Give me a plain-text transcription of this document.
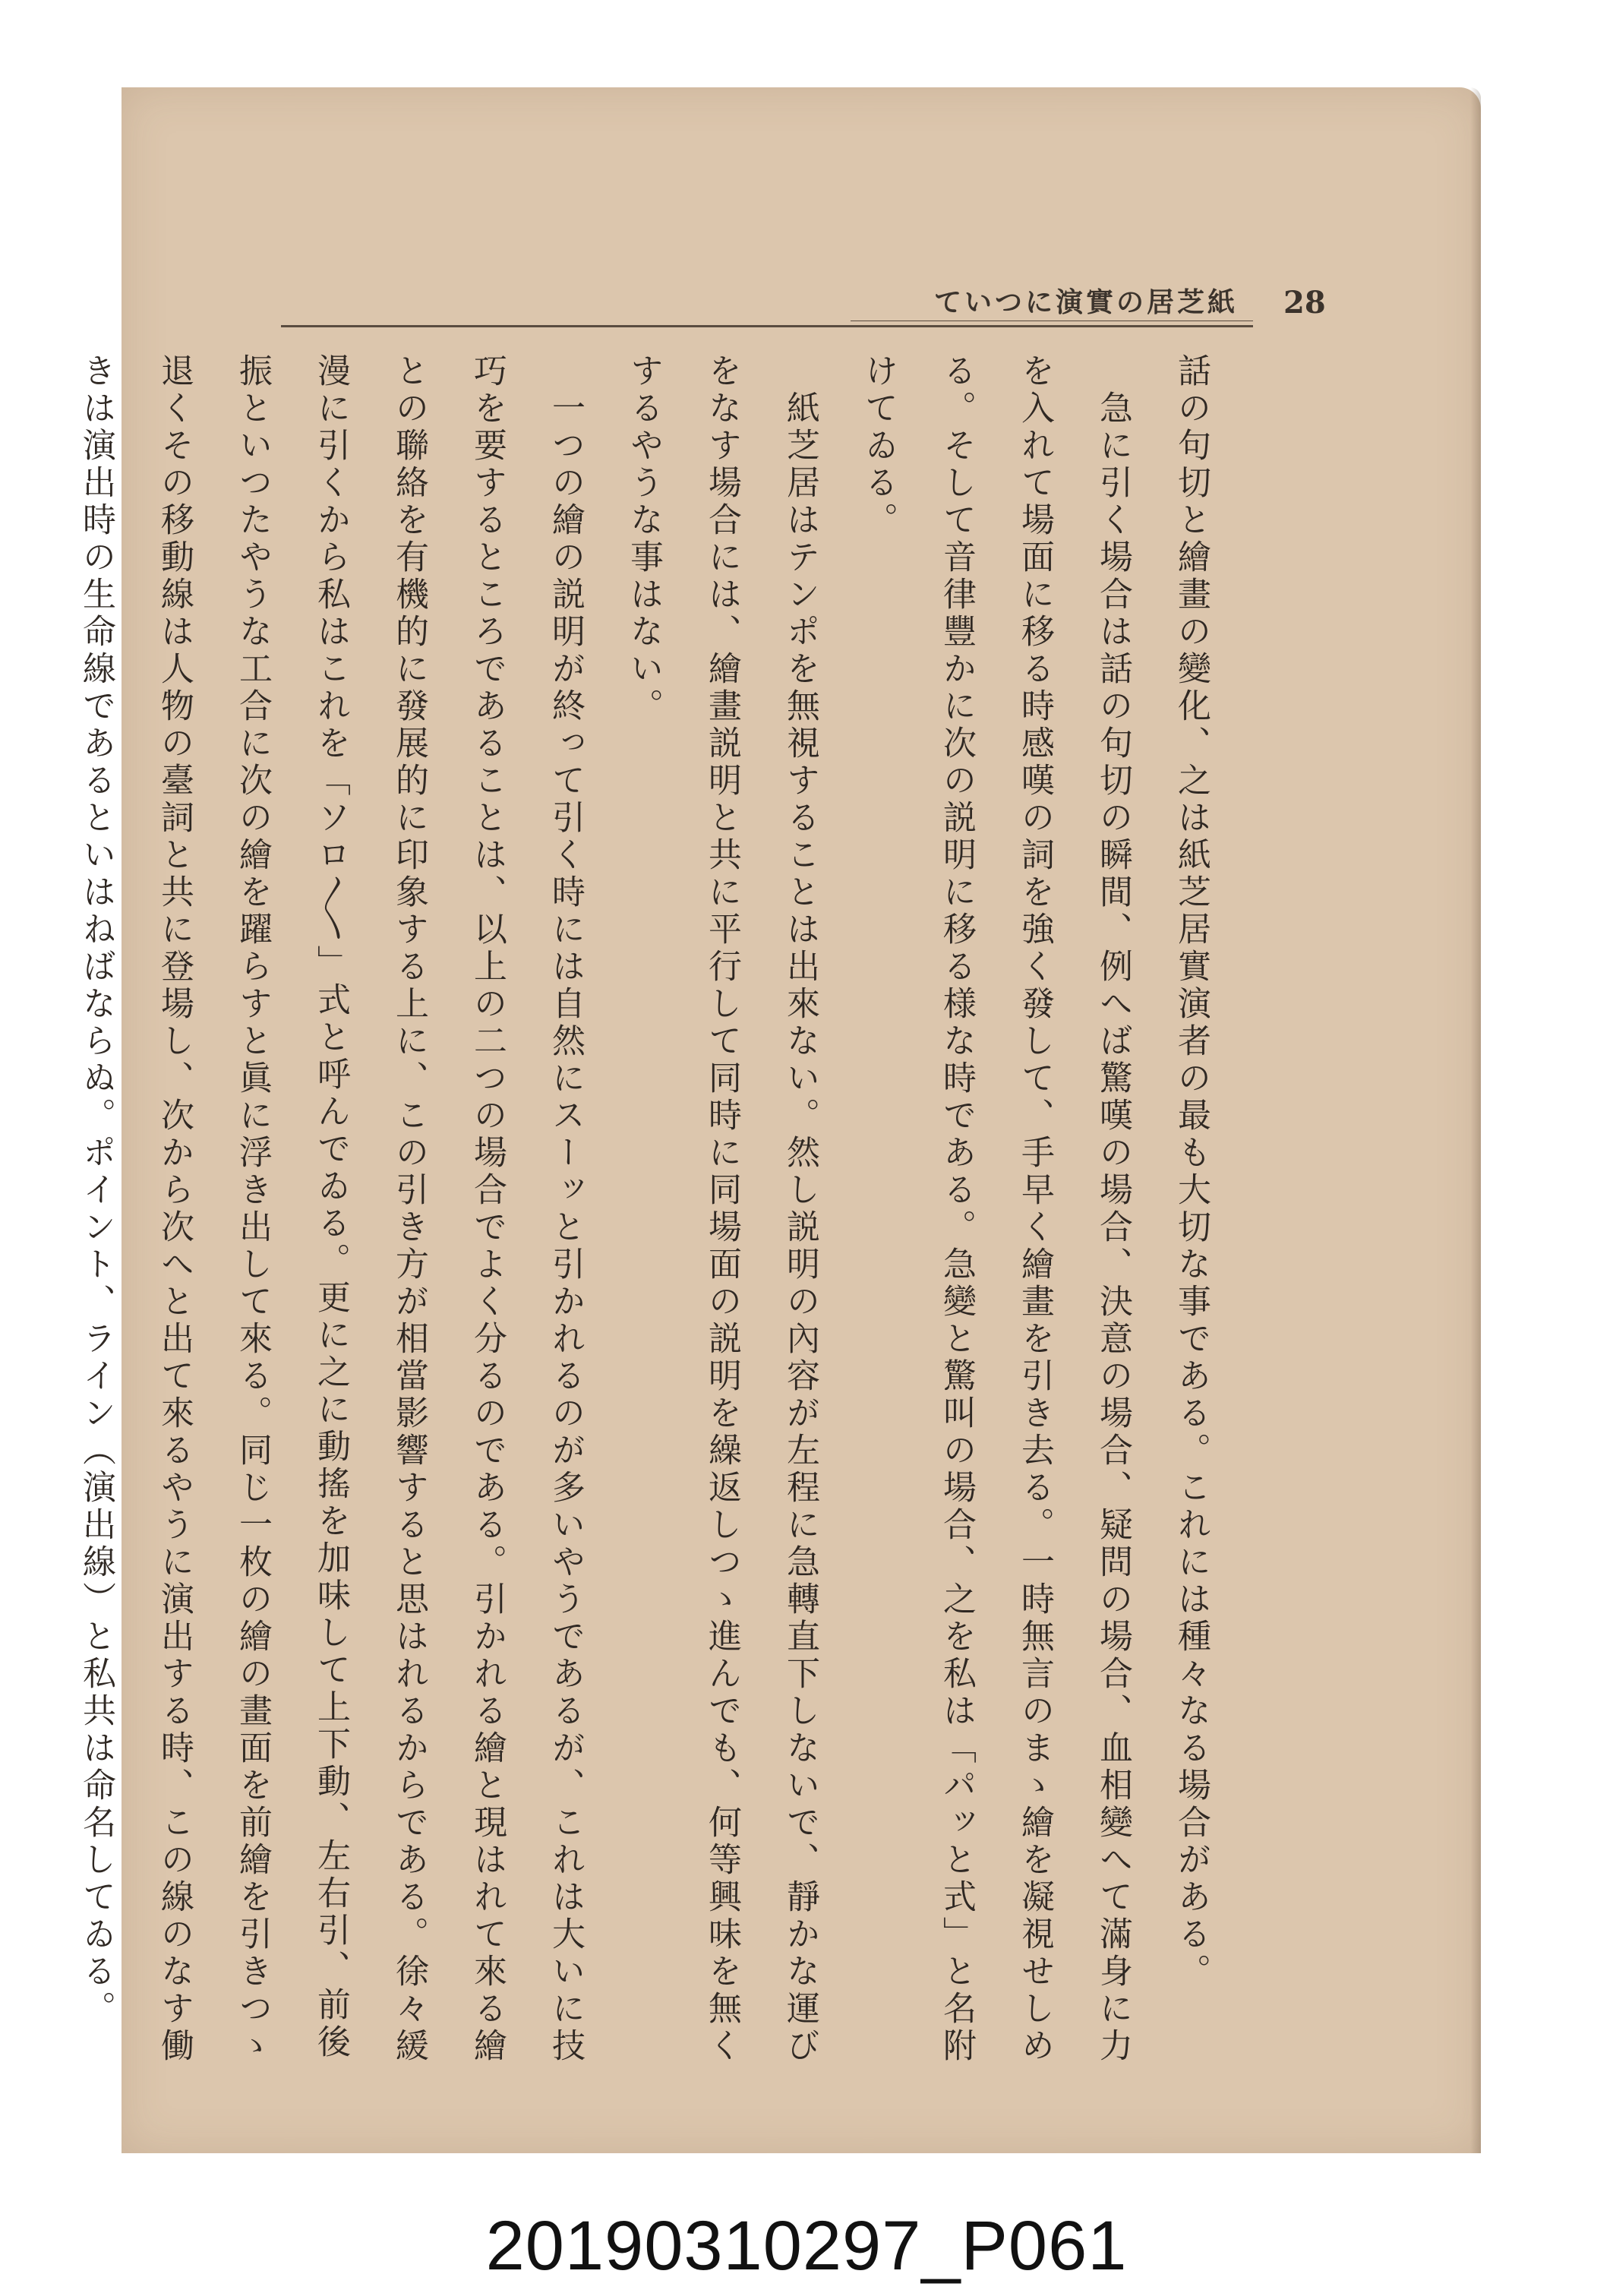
28
紙芝居の實演について

話の句切と繪畫の變化、之は紙芝居實演者の最も大切な事である。これには種々なる場合がある。

　急に引く場合は話の句切の瞬間、例へば驚嘆の場合、決意の場合、疑問の場合、血相變へて滿身に力を入れて場面に移る時感嘆の詞を強く發して、手早く繪畫を引き去る。一時無言のまゝ繪を凝視せしめる。そして音律豐かに次の説明に移る様な時である。急變と驚叫の場合、之を私は「パッと式」と名附けてゐる。

　紙芝居はテンポを無視することは出來ない。然し説明の內容が左程に急轉直下しないで、靜かな運びをなす場合には、繪畫説明と共に平行して同時に同場面の説明を繰返しつゝ進んでも、何等興味を無くするやうな事はない。

　一つの繪の説明が終って引く時には自然にスーッと引かれるのが多いやうであるが、これは大いに技巧を要するところであることは、以上の二つの場合でよく分るのである。引かれる繪と現はれて來る繪との聯絡を有機的に發展的に印象する上に、この引き方が相當影響すると思はれるからである。徐々緩漫に引くから私はこれを「ソロ〳〵」式と呼んでゐる。更に之に動搖を加味して上下動、左右引、前後振といつたやうな工合に次の繪を躍らすと眞に浮き出して來る。同じ一枚の繪の畫面を前繪を引きつゝ退くその移動線は人物の臺詞と共に登場し、次から次へと出て來るやうに演出する時、この線のなす働きは演出時の生命線であるといはねばならぬ。ポイント、ライン（演出線）と私共は命名してゐる。

20190310297_P061
